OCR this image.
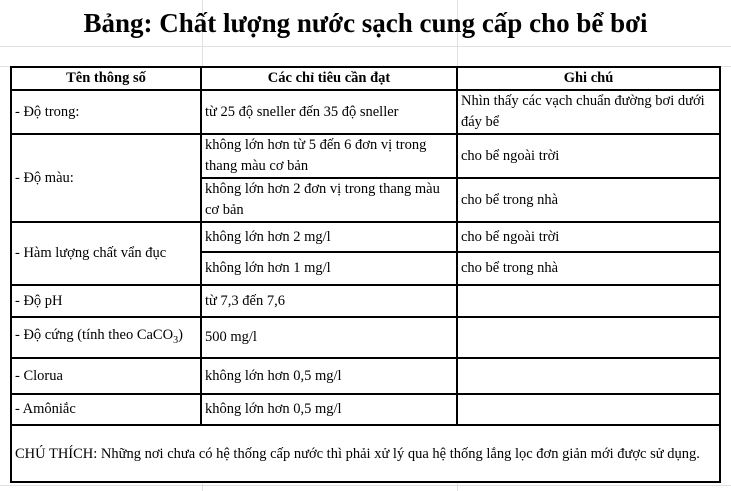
Bảng: Chất lượng nước sạch cung cấp cho bể bơi
Tên thông số	Các chỉ tiêu cần đạt	Ghi chú
- Độ trong:	từ 25 độ sneller đến 35 độ sneller	Nhìn thấy các vạch chuẩn đường bơi dưới đáy bể
- Độ màu:	không lớn hơn từ 5 đến 6 đơn vị trong thang màu cơ bản	cho bể ngoài trời
	không lớn hơn 2 đơn vị trong thang màu cơ bản	cho bể trong nhà
- Hàm lượng chất vẩn đục	không lớn hơn 2 mg/l	cho bể ngoài trời
	không lớn hơn 1 mg/l	cho bể trong nhà
- Độ pH	từ 7,3 đến 7,6	
- Độ cứng (tính theo CaCO$_3$)	500 mg/l	
- Clorua	không lớn hơn 0,5 mg/l	
- Amôniắc	không lớn hơn 0,5 mg/l	
CHÚ THÍCH: Những nơi chưa có hệ thống cấp nước thì phải xử lý qua hệ thống lắng lọc đơn giản mới được sử dụng.		
